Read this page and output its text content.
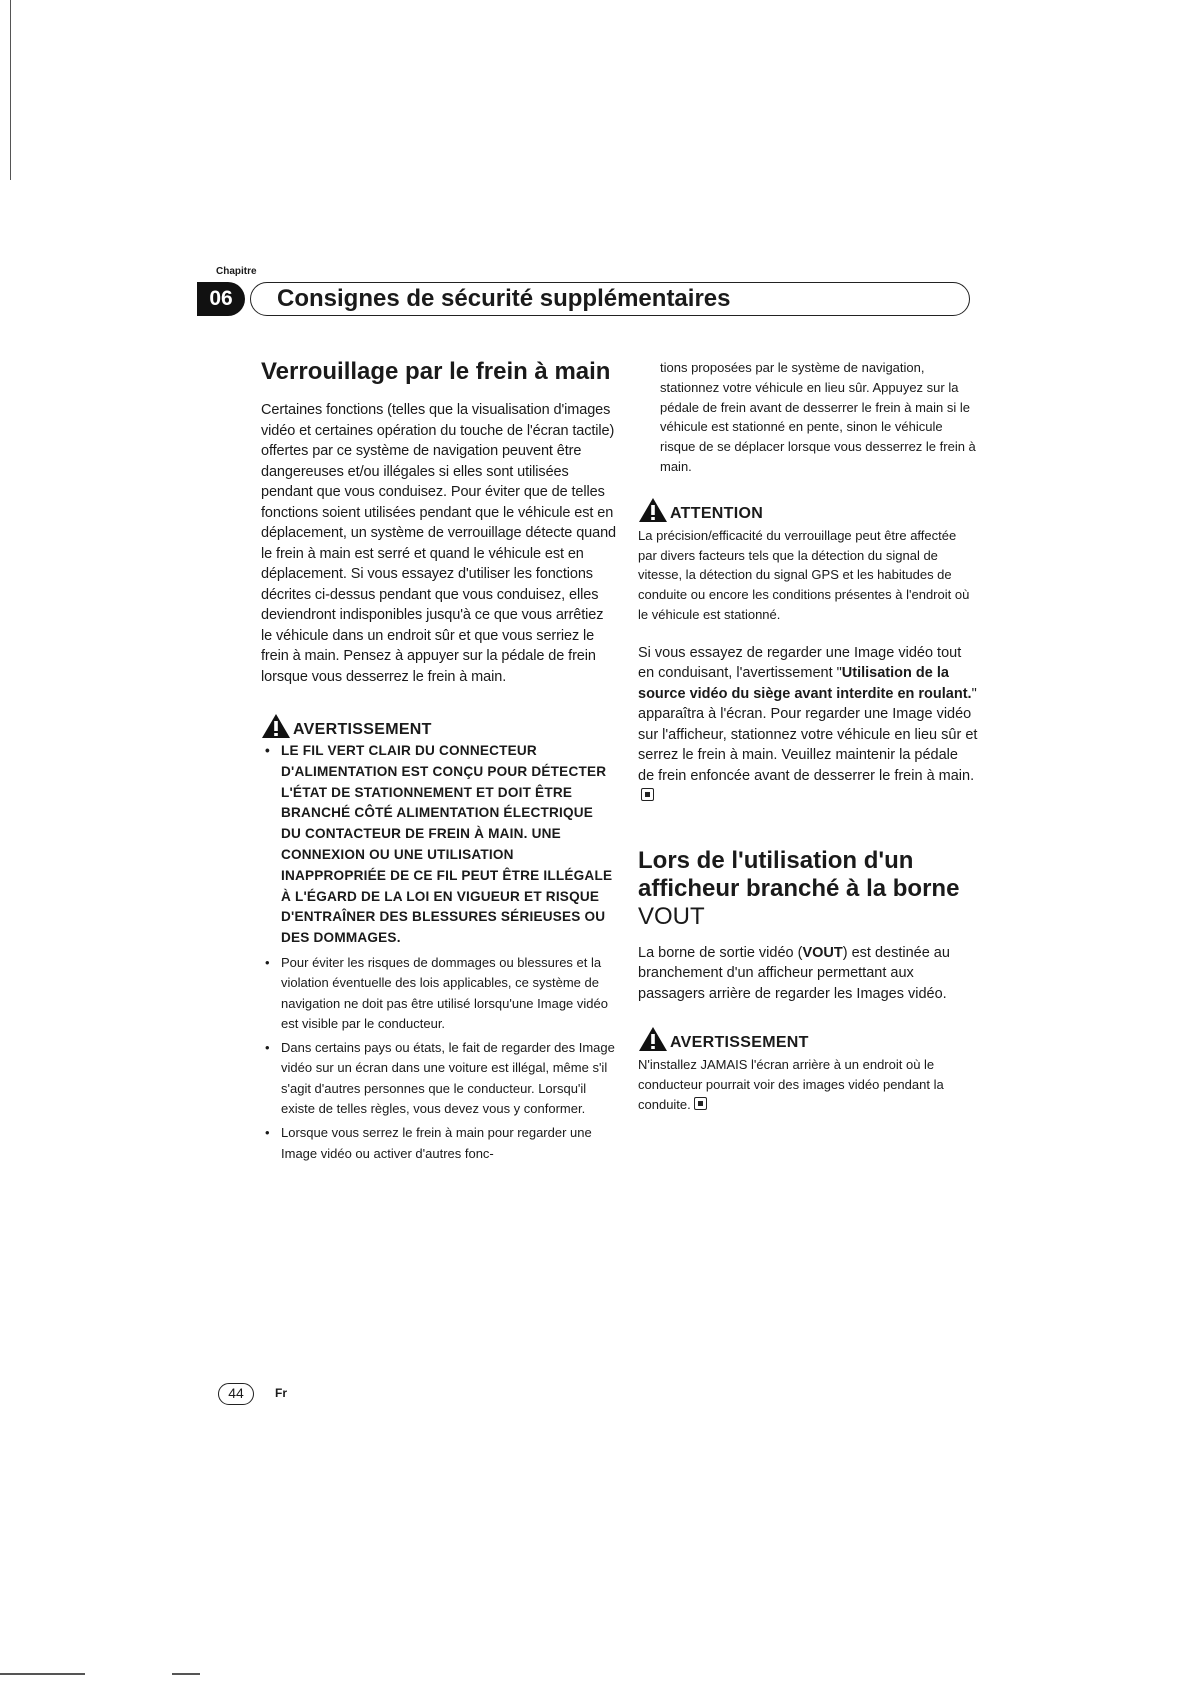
Chapitre
06	Consignes de sécurité supplémentaires
Verrouillage par le frein à main

Certaines fonctions (telles que la visualisation d'images vidéo et certaines opération du touche de l'écran tactile) offertes par ce système de navigation peuvent être dangereuses et/ou illégales si elles sont utilisées pendant que vous conduisez. Pour éviter que de telles fonctions soient utilisées pendant que le véhicule est en déplacement, un système de verrouillage détecte quand le frein à main est serré et quand le véhicule est en déplacement. Si vous essayez d'utiliser les fonctions décrites ci-dessus pendant que vous conduisez, elles deviendront indisponibles jusqu'à ce que vous arrêtiez le véhicule dans un endroit sûr et que vous serriez le frein à main. Pensez à appuyer sur la pédale de frein lorsque vous desserrez le frein à main.

AVERTISSEMENT
• LE FIL VERT CLAIR DU CONNECTEUR D'ALIMENTATION EST CONÇU POUR DÉTECTER L'ÉTAT DE STATIONNEMENT ET DOIT ÊTRE BRANCHÉ CÔTÉ ALIMENTATION ÉLECTRIQUE DU CONTACTEUR DE FREIN À MAIN. UNE CONNEXION OU UNE UTILISATION INAPPROPRIÉE DE CE FIL PEUT ÊTRE ILLÉGALE À L'ÉGARD DE LA LOI EN VIGUEUR ET RISQUE D'ENTRAÎNER DES BLESSURES SÉRIEUSES OU DES DOMMAGES.
• Pour éviter les risques de dommages ou blessures et la violation éventuelle des lois applicables, ce système de navigation ne doit pas être utilisé lorsqu'une Image vidéo est visible par le conducteur.
• Dans certains pays ou états, le fait de regarder des Image vidéo sur un écran dans une voiture est illégal, même s'il s'agit d'autres personnes que le conducteur. Lorsqu'il existe de telles règles, vous devez vous y conformer.
• Lorsque vous serrez le frein à main pour regarder une Image vidéo ou activer d'autres fonc-

tions proposées par le système de navigation, stationnez votre véhicule en lieu sûr. Appuyez sur la pédale de frein avant de desserrer le frein à main si le véhicule est stationné en pente, sinon le véhicule risque de se déplacer lorsque vous desserrez le frein à main.

ATTENTION

La précision/efficacité du verrouillage peut être affectée par divers facteurs tels que la détection du signal de vitesse, la détection du signal GPS et les habitudes de conduite ou encore les conditions présentes à l'endroit où le véhicule est stationné.

Si vous essayez de regarder une Image vidéo tout en conduisant, l'avertissement "Utilisation de la source vidéo du siège avant interdite en roulant." apparaîtra à l'écran. Pour regarder une Image vidéo sur l'afficheur, stationnez votre véhicule en lieu sûr et serrez le frein à main. Veuillez maintenir la pédale de frein enfoncée avant de desserrer le frein à main.

Lors de l'utilisation d'un afficheur branché à la borne VOUT

La borne de sortie vidéo (VOUT) est destinée au branchement d'un afficheur permettant aux passagers arrière de regarder les Images vidéo.

AVERTISSEMENT

N'installez JAMAIS l'écran arrière à un endroit où le conducteur pourrait voir des images vidéo pendant la conduite.

44	Fr
